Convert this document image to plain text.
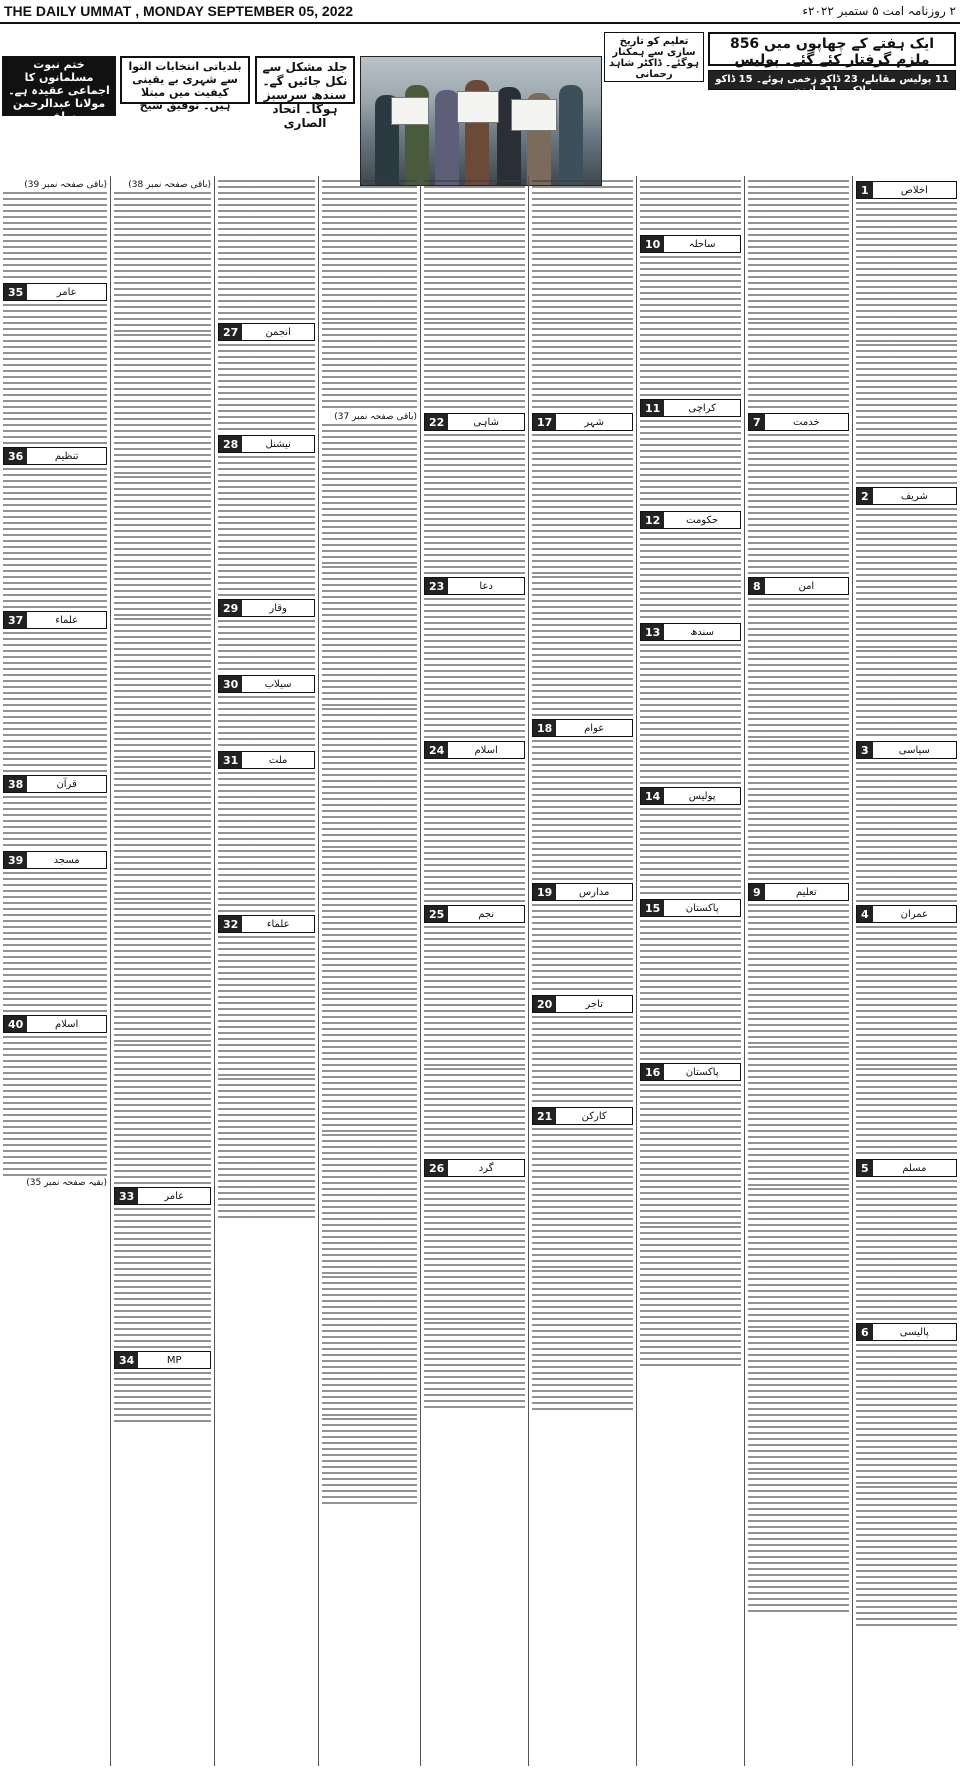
THE DAILY UMMAT , MONDAY SEPTEMBER 05, 2022	۲ روزنامہ امت ۵ ستمبر ۲۰۲۲ء
ایک ہفتے کے چھاپوں میں 856 ملزم گرفتار کئے گئے۔ پولیس
11 پولیس مقابلے، 23 ڈاکو زخمی ہوئے۔ 15 ڈاکو ہلاک۔ 11 راہزن
تعلیم کو تاریخ سازی سے ہمکنار ہوگئے۔ ڈاکٹر شاہد رحمانی
جلد مشکل سے نکل جائیں گے۔ سندھ سرسبز ہوگا۔ اتحاد الصاری
بلدیاتی انتخابات التوا سے شہری بے یقینی کیفیت میں مبتلا ہیں۔ توفیق شیخ
ختم نبوت مسلمانوں کا اجماعی عقیدہ ہے۔ مولانا عبدالرحمن سلفی
1	اخلاص
2	شریف
3	سیاسی
4	عمران
5	مسلم
6	پالیسی
7	خدمت
8	امن
9	تعلیم
10	ساحلہ
11	کراچی
12	حکومت
13	سندھ
14	پولیس
15	پاکستان
16	پاکستان
17	شہر
18	عوام
19	مدارس
20	تاجر
21	کارکن
22	شاہی
23	دعا
24	اسلام
25	نجم
26	گرد
(باقی صفحہ نمبر 37)
27	انجمن
28	نیشنل
29	وقار
30	سیلاب
31	ملت
32	علماء
(باقی صفحہ نمبر 38)
33	عامر
34	MP
(باقی صفحہ نمبر 39)
35	عامر
36	تنظیم
37	علماء
38	قرآن
39	مسجد
40	اسلام
(بقیہ صفحہ نمبر 35)
